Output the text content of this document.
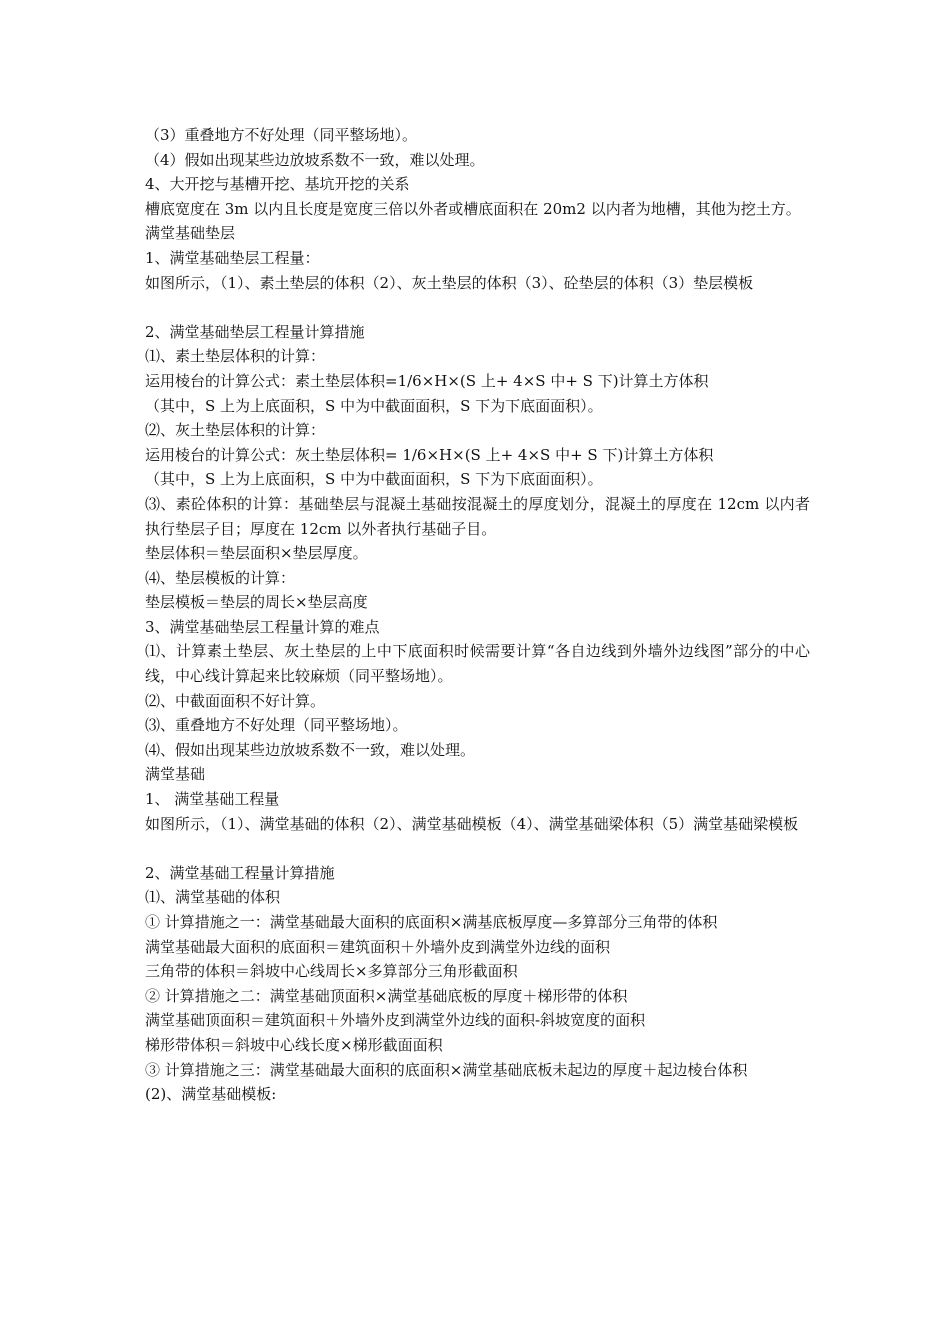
（3）重叠地方不好处理（同平整场地）。
（4）假如出现某些边放坡系数不一致，难以处理。
4、大开挖与基槽开挖、基坑开挖的关系
槽底宽度在 3m 以内且长度是宽度三倍以外者或槽底面积在 20m2 以内者为地槽，其他为挖土方。
满堂基础垫层
1、满堂基础垫层工程量：
如图所示，（1）、素土垫层的体积（2）、灰土垫层的体积（3）、砼垫层的体积（3）垫层模板
2、满堂基础垫层工程量计算措施
⑴、素土垫层体积的计算：
运用棱台的计算公式：素土垫层体积=1/6×H×(S 上+ 4×S 中+ S 下)计算土方体积
（其中，S 上为上底面积，S 中为中截面面积，S 下为下底面面积）。
⑵、灰土垫层体积的计算：
运用棱台的计算公式：灰土垫层体积= 1/6×H×(S 上+ 4×S 中+ S 下)计算土方体积
（其中，S 上为上底面积，S 中为中截面面积，S 下为下底面面积）。
⑶、素砼体积的计算：基础垫层与混凝土基础按混凝土的厚度划分，混凝土的厚度在 12cm 以内者执行垫层子目；厚度在 12cm 以外者执行基础子目。
垫层体积＝垫层面积×垫层厚度。
⑷、垫层模板的计算：
垫层模板＝垫层的周长×垫层高度
3、满堂基础垫层工程量计算的难点
⑴、计算素土垫层、灰土垫层的上中下底面积时候需要计算“各自边线到外墙外边线图”部分的中心线，中心线计算起来比较麻烦（同平整场地）。
⑵、中截面面积不好计算。
⑶、重叠地方不好处理（同平整场地）。
⑷、假如出现某些边放坡系数不一致，难以处理。
满堂基础
1、 满堂基础工程量
如图所示，（1）、满堂基础的体积（2）、满堂基础模板（4）、满堂基础梁体积（5）满堂基础梁模板
2、满堂基础工程量计算措施
⑴、满堂基础的体积
① 计算措施之一：满堂基础最大面积的底面积×满基底板厚度—多算部分三角带的体积
满堂基础最大面积的底面积＝建筑面积＋外墙外皮到满堂外边线的面积
三角带的体积＝斜坡中心线周长×多算部分三角形截面积
② 计算措施之二：满堂基础顶面积×满堂基础底板的厚度＋梯形带的体积
满堂基础顶面积＝建筑面积＋外墙外皮到满堂外边线的面积-斜坡宽度的面积
梯形带体积＝斜坡中心线长度×梯形截面面积
③ 计算措施之三：满堂基础最大面积的底面积×满堂基础底板未起边的厚度＋起边棱台体积
(2)、满堂基础模板:
